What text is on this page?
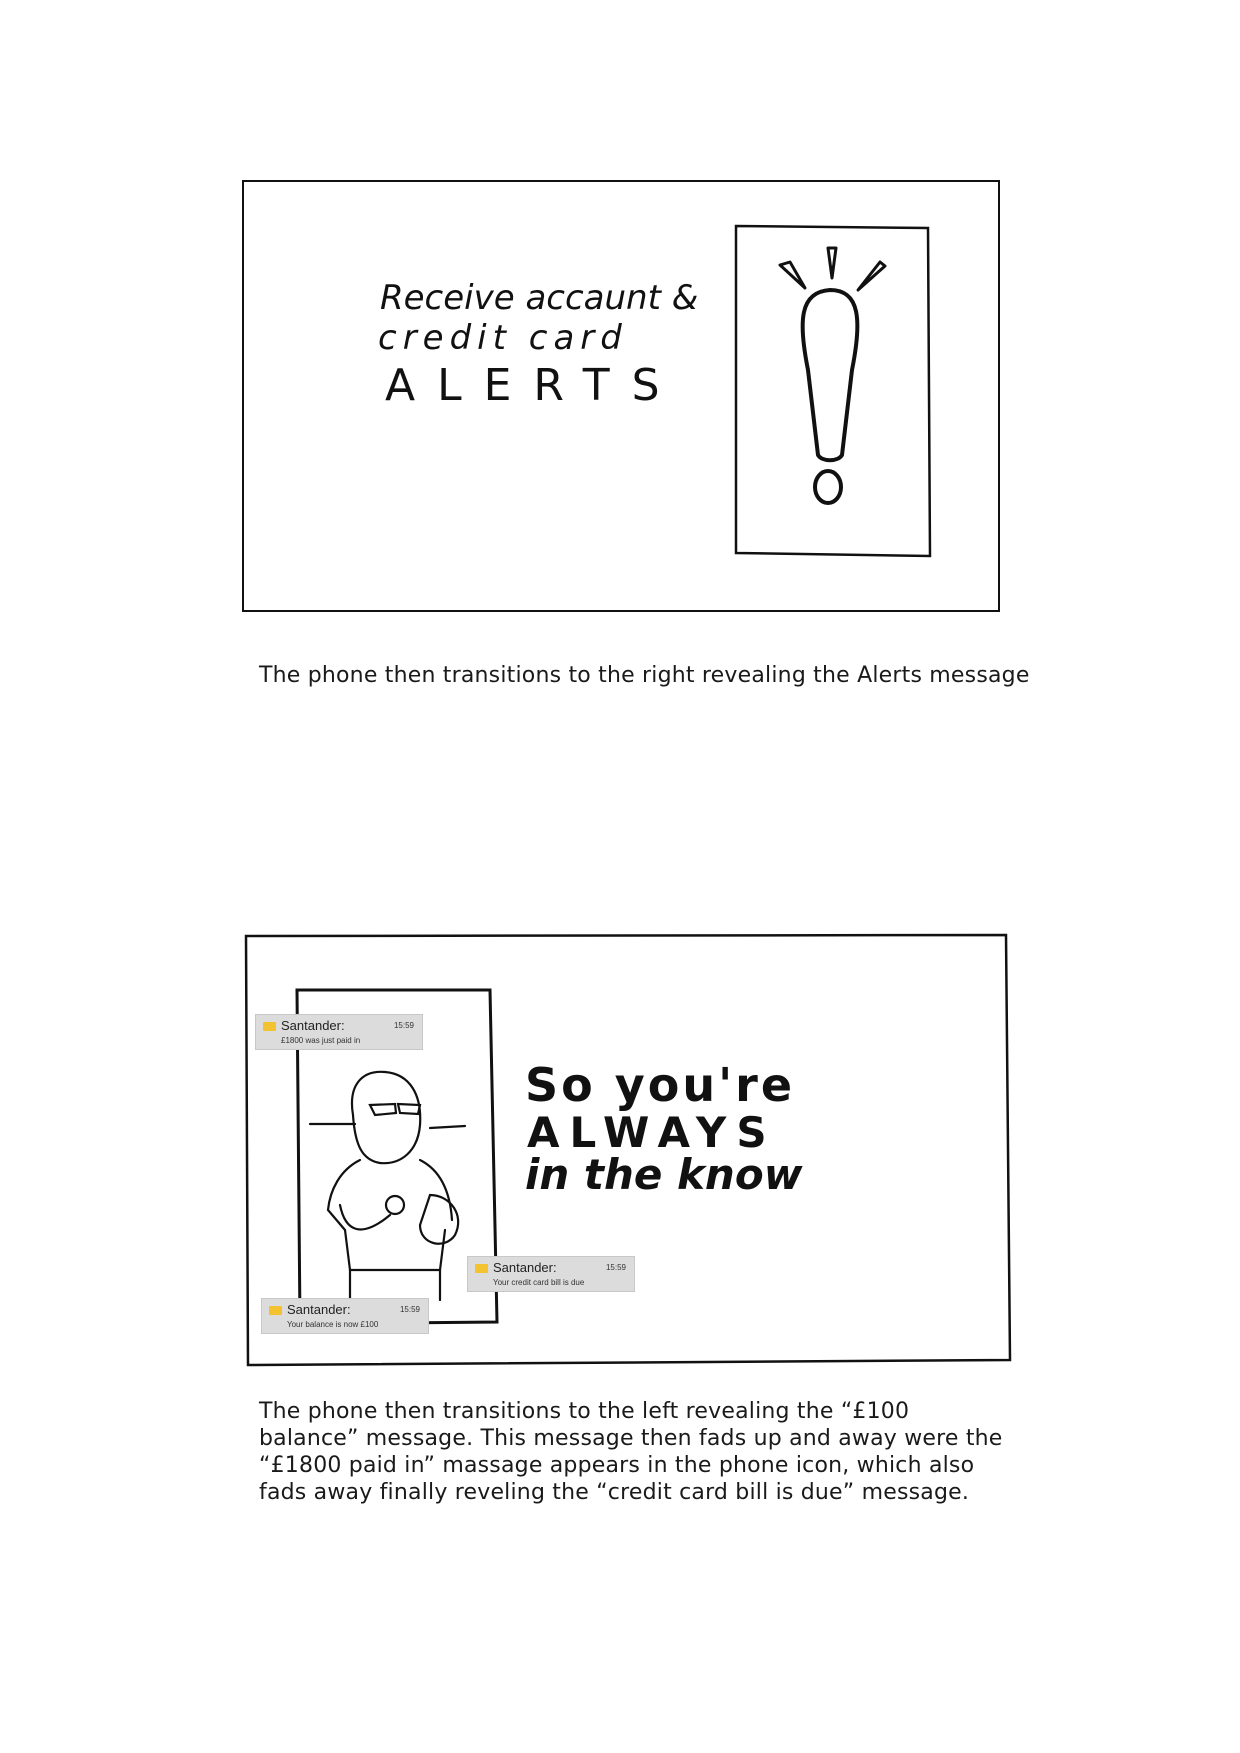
Receive accaunt &
credit card
ALERTS
The phone then transitions to the right revealing the Alerts message
Santander:	15:59
£1800 was just paid in
Santander:	15:59
Your credit card bill is due
Santander:	15:59
Your balance is now £100
So you're
ALWAYS
in the know
The phone then transitions to the left revealing the “£100
balance” message. This message then fads up and away were the
“£1800 paid in” massage appears in the phone icon, which also
fads away finally reveling the “credit card bill is due” message.
